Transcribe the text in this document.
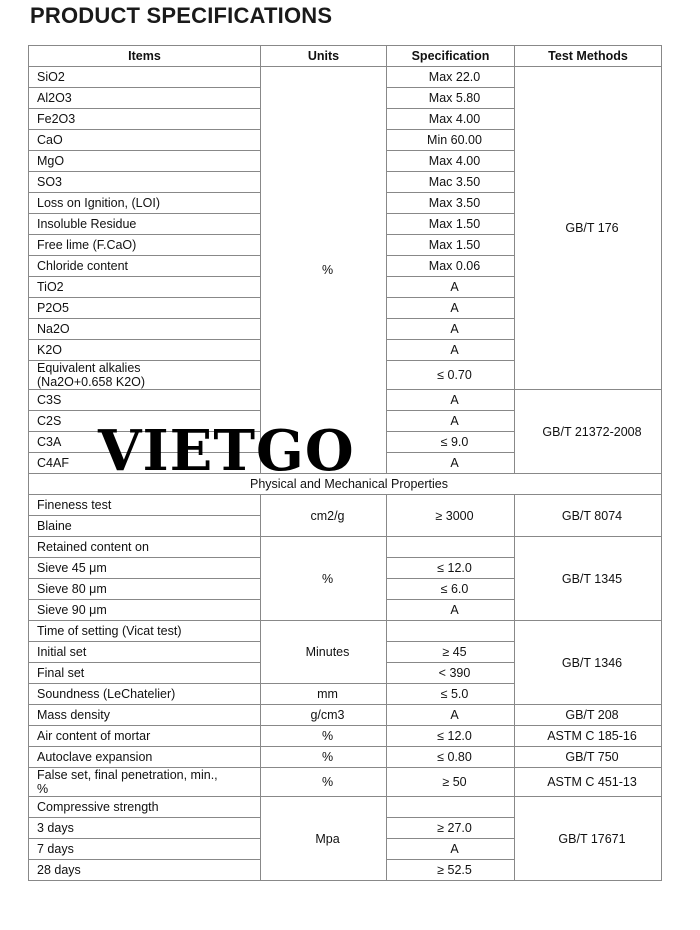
PRODUCT SPECIFICATIONS
Items	Units	Specification	Test Methods
SiO2	%	Max 22.0	GB/T 176
Al2O3		Max 5.80	
Fe2O3		Max 4.00	
CaO		Min 60.00	
MgO		Max 4.00	
SO3		Mac 3.50	
Loss on Ignition, (LOI)		Max 3.50	
Insoluble Residue		Max 1.50	
Free lime (F.CaO)		Max 1.50	
Chloride content		Max 0.06	
TiO2		A	
P2O5		A	
Na2O		A	
K2O		A	
Equivalent alkalies
(Na2O+0.658 K2O)		≤ 0.70	
C3S		A	GB/T 21372-2008
C2S		A	
C3A		≤ 9.0	
C4AF		A	
Physical and Mechanical Properties			
Fineness test	cm2/g	≥ 3000	GB/T 8074
Blaine			
Retained content on	%		GB/T 1345
Sieve 45 μm		≤ 12.0	
Sieve 80 μm		≤ 6.0	
Sieve 90 μm		A	
Time of setting (Vicat test)	Minutes		GB/T 1346
Initial set		≥ 45	
Final set		< 390	
Soundness (LeChatelier)	mm	≤ 5.0	
Mass density	g/cm3	A	GB/T 208
Air content of mortar	%	≤ 12.0	ASTM C 185-16
Autoclave expansion	%	≤ 0.80	GB/T 750
False set, final penetration, min.,
%	%	≥ 50	ASTM C 451-13
Compressive strength	Mpa		GB/T 17671
3 days		≥ 27.0	
7 days		A	
28 days		≥ 52.5	
VIETGO
